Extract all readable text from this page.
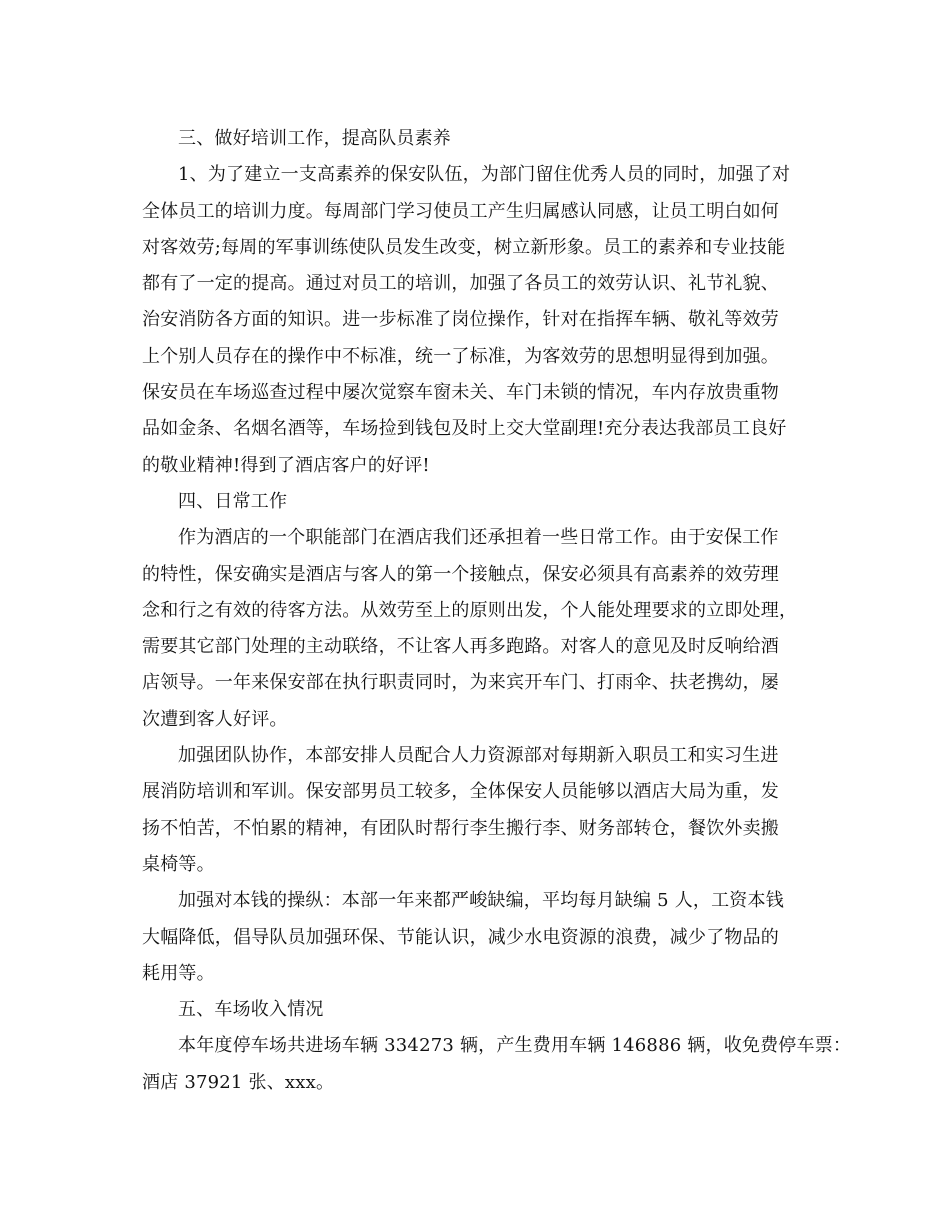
三、做好培训工作，提高队员素养
1、为了建立一支高素养的保安队伍，为部门留住优秀人员的同时，加强了对
全体员工的培训力度。每周部门学习使员工产生归属感认同感，让员工明白如何
对客效劳;每周的军事训练使队员发生改变，树立新形象。员工的素养和专业技能
都有了一定的提高。通过对员工的培训，加强了各员工的效劳认识、礼节礼貌、
治安消防各方面的知识。进一步标准了岗位操作，针对在指挥车辆、敬礼等效劳
上个别人员存在的操作中不标准，统一了标准，为客效劳的思想明显得到加强。
保安员在车场巡查过程中屡次觉察车窗未关、车门未锁的情况，车内存放贵重物
品如金条、名烟名酒等，车场捡到钱包及时上交大堂副理!充分表达我部员工良好
的敬业精神!得到了酒店客户的好评!
四、日常工作
作为酒店的一个职能部门在酒店我们还承担着一些日常工作。由于安保工作
的特性，保安确实是酒店与客人的第一个接触点，保安必须具有高素养的效劳理
念和行之有效的待客方法。从效劳至上的原则出发，个人能处理要求的立即处理，
需要其它部门处理的主动联络，不让客人再多跑路。对客人的意见及时反响给酒
店领导。一年来保安部在执行职责同时，为来宾开车门、打雨伞、扶老携幼，屡
次遭到客人好评。
加强团队协作，本部安排人员配合人力资源部对每期新入职员工和实习生进
展消防培训和军训。保安部男员工较多，全体保安人员能够以酒店大局为重，发
扬不怕苦，不怕累的精神，有团队时帮行李生搬行李、财务部转仓，餐饮外卖搬
桌椅等。
加强对本钱的操纵：本部一年来都严峻缺编，平均每月缺编 5 人，工资本钱
大幅降低，倡导队员加强环保、节能认识，减少水电资源的浪费，减少了物品的
耗用等。
五、车场收入情况
本年度停车场共进场车辆 334273 辆，产生费用车辆 146886 辆，收免费停车票：
酒店 37921 张、xxx。
